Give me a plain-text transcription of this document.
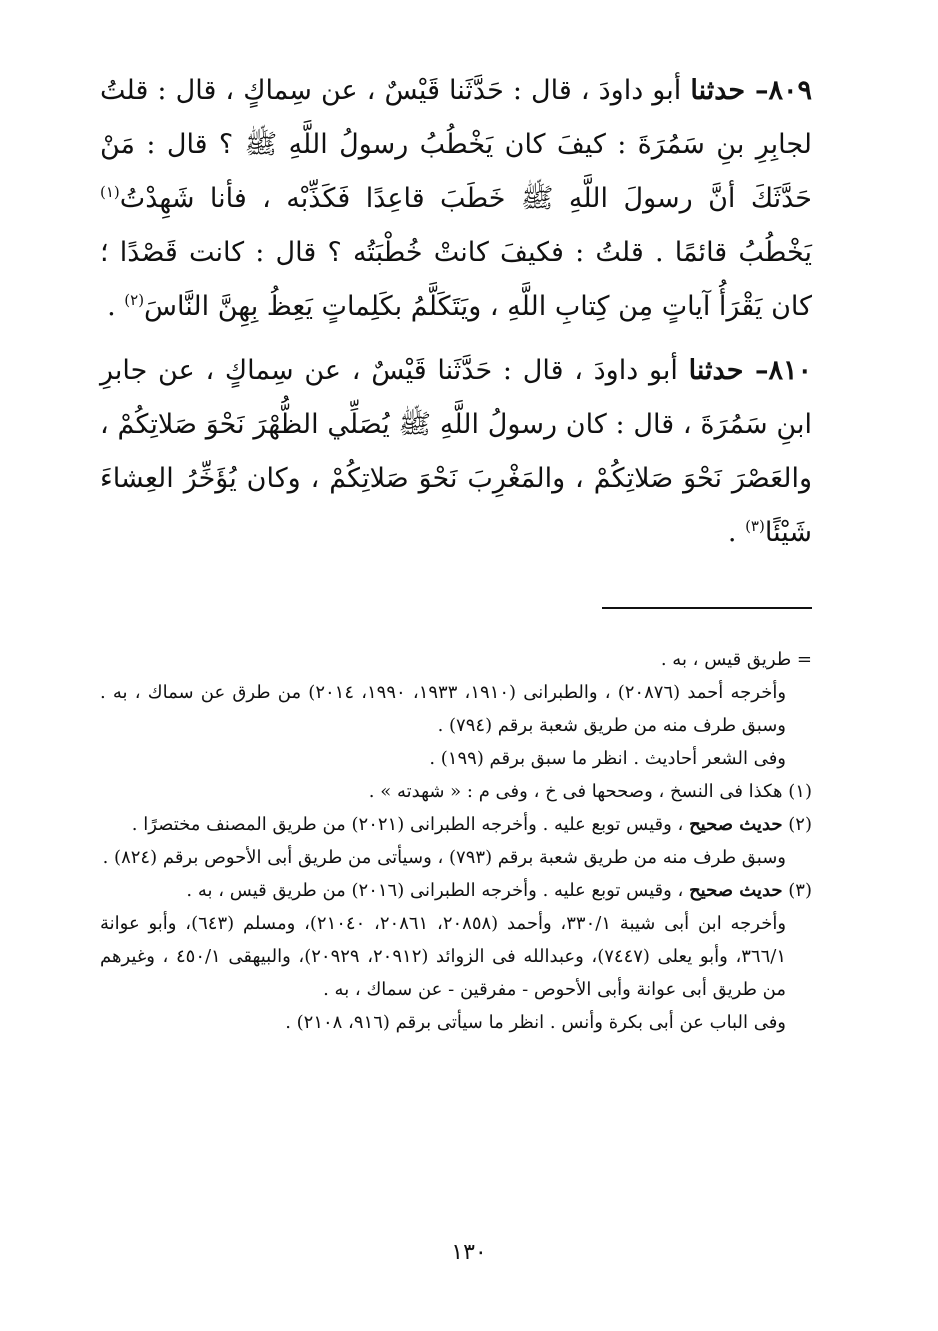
٨٠٩– حدثنا أبو داودَ ، قال : حَدَّثَنا قَيْسٌ ، عن سِماكٍ ، قال : قلتُ لجابِرِ بنِ سَمُرَةَ : كيفَ كان يَخْطُبُ رسولُ اللَّهِ ﷺ ؟ قال : مَنْ حَدَّثَكَ أنَّ رسولَ اللَّهِ ﷺ خَطَبَ قاعِدًا فَكَذِّبْه ، فأنا شَهِدْتُ$^{(١)}$ يَخْطُبُ قائمًا . قلتُ : فكيفَ كانتْ خُطْبَتُه ؟ قال : كانت قَصْدًا ؛ كان يَقْرَأُ آياتٍ مِن كِتابِ اللَّهِ ، ويَتَكَلَّمُ بكَلِماتٍ يَعِظُ بِهِنَّ النَّاسَ$^{(٢)}$ .

٨١٠– حدثنا أبو داودَ ، قال : حَدَّثَنا قَيْسٌ ، عن سِماكٍ ، عن جابرِ ابنِ سَمُرَةَ ، قال : كان رسولُ اللَّهِ ﷺ يُصَلِّي الظُّهْرَ نَحْوَ صَلاتِكُمْ ، والعَصْرَ نَحْوَ صَلاتِكُمْ ، والمَغْرِبَ نَحْوَ صَلاتِكُمْ ، وكان يُؤَخِّرُ العِشاءَ شَيْئًا$^{(٣)}$ .

= طريق قيس ، به .

وأخرجه أحمد (٢٠٨٧٦) ، والطبرانى (١٩١٠، ١٩٣٣، ١٩٩٠، ٢٠١٤) من طرق عن سماك ، به . وسبق طرف منه من طريق شعبة برقم (٧٩٤) .

وفى الشعر أحاديث . انظر ما سبق برقم (١٩٩) .

(١) هكذا فى النسخ ، وصححها فى خ ، وفى م : « شهدته » .

(٢) حديث صحيح ، وقيس توبع عليه . وأخرجه الطبرانى (٢٠٢١) من طريق المصنف مختصرًا .

وسبق طرف منه من طريق شعبة برقم (٧٩٣) ، وسيأتى من طريق أبى الأحوص برقم (٨٢٤) .

(٣) حديث صحيح ، وقيس توبع عليه . وأخرجه الطبرانى (٢٠١٦) من طريق قيس ، به .

وأخرجه ابن أبى شيبة ٣٣٠/١، وأحمد (٢٠٨٥٨، ٢٠٨٦١، ٢١٠٤٠)، ومسلم (٦٤٣)، وأبو عوانة ٣٦٦/١، وأبو يعلى (٧٤٤٧)، وعبدالله فى الزوائد (٢٠٩١٢، ٢٠٩٢٩)، والبيهقى ٤٥٠/١ ، وغيرهم من طريق أبى عوانة وأبى الأحوص - مفرقين - عن سماك ، به .

وفى الباب عن أبى بكرة وأنس . انظر ما سيأتى برقم (٩١٦، ٢١٠٨) .

١٣٠
